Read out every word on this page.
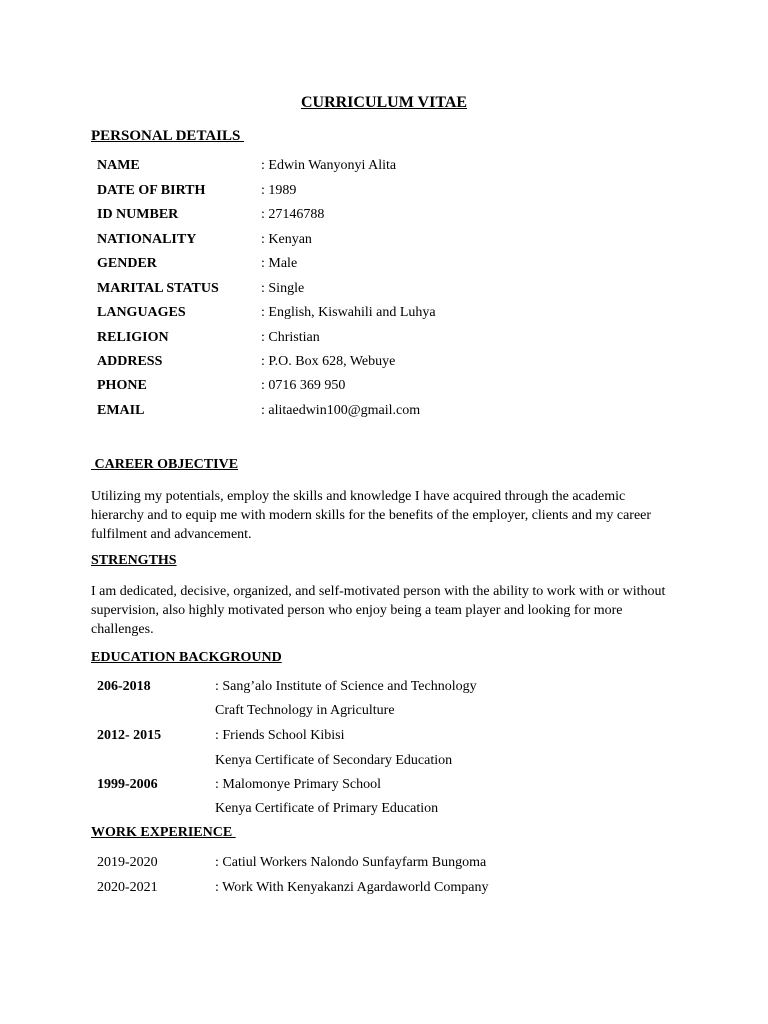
CURRICULUM VITAE
PERSONAL DETAILS
NAME	: Edwin Wanyonyi Alita
DATE OF BIRTH	: 1989
ID NUMBER	: 27146788
NATIONALITY	: Kenyan
GENDER	: Male
MARITAL STATUS	: Single
LANGUAGES	: English, Kiswahili and Luhya
RELIGION	: Christian
ADDRESS	: P.O. Box 628, Webuye
PHONE	: 0716 369 950
EMAIL	: alitaedwin100@gmail.com
CAREER OBJECTIVE

Utilizing my potentials, employ the skills and knowledge I have acquired through the academic hierarchy and to equip me with modern skills for the benefits of the employer, clients and my career fulfilment and advancement.

STRENGTHS

I am dedicated, decisive, organized, and self-motivated person with the ability to work with or without supervision, also highly motivated person who enjoy being a team player and looking for more challenges.

EDUCATION BACKGROUND
206-2018	: Sang’alo Institute of Science and Technology
Craft Technology in Agriculture
2012- 2015	: Friends School Kibisi
Kenya Certificate of Secondary Education
1999-2006	: Malomonye Primary School
Kenya Certificate of Primary Education
WORK EXPERIENCE
2019-2020	: Catiul Workers Nalondo Sunfayfarm Bungoma
2020-2021	: Work With Kenyakanzi Agardaworld Company
